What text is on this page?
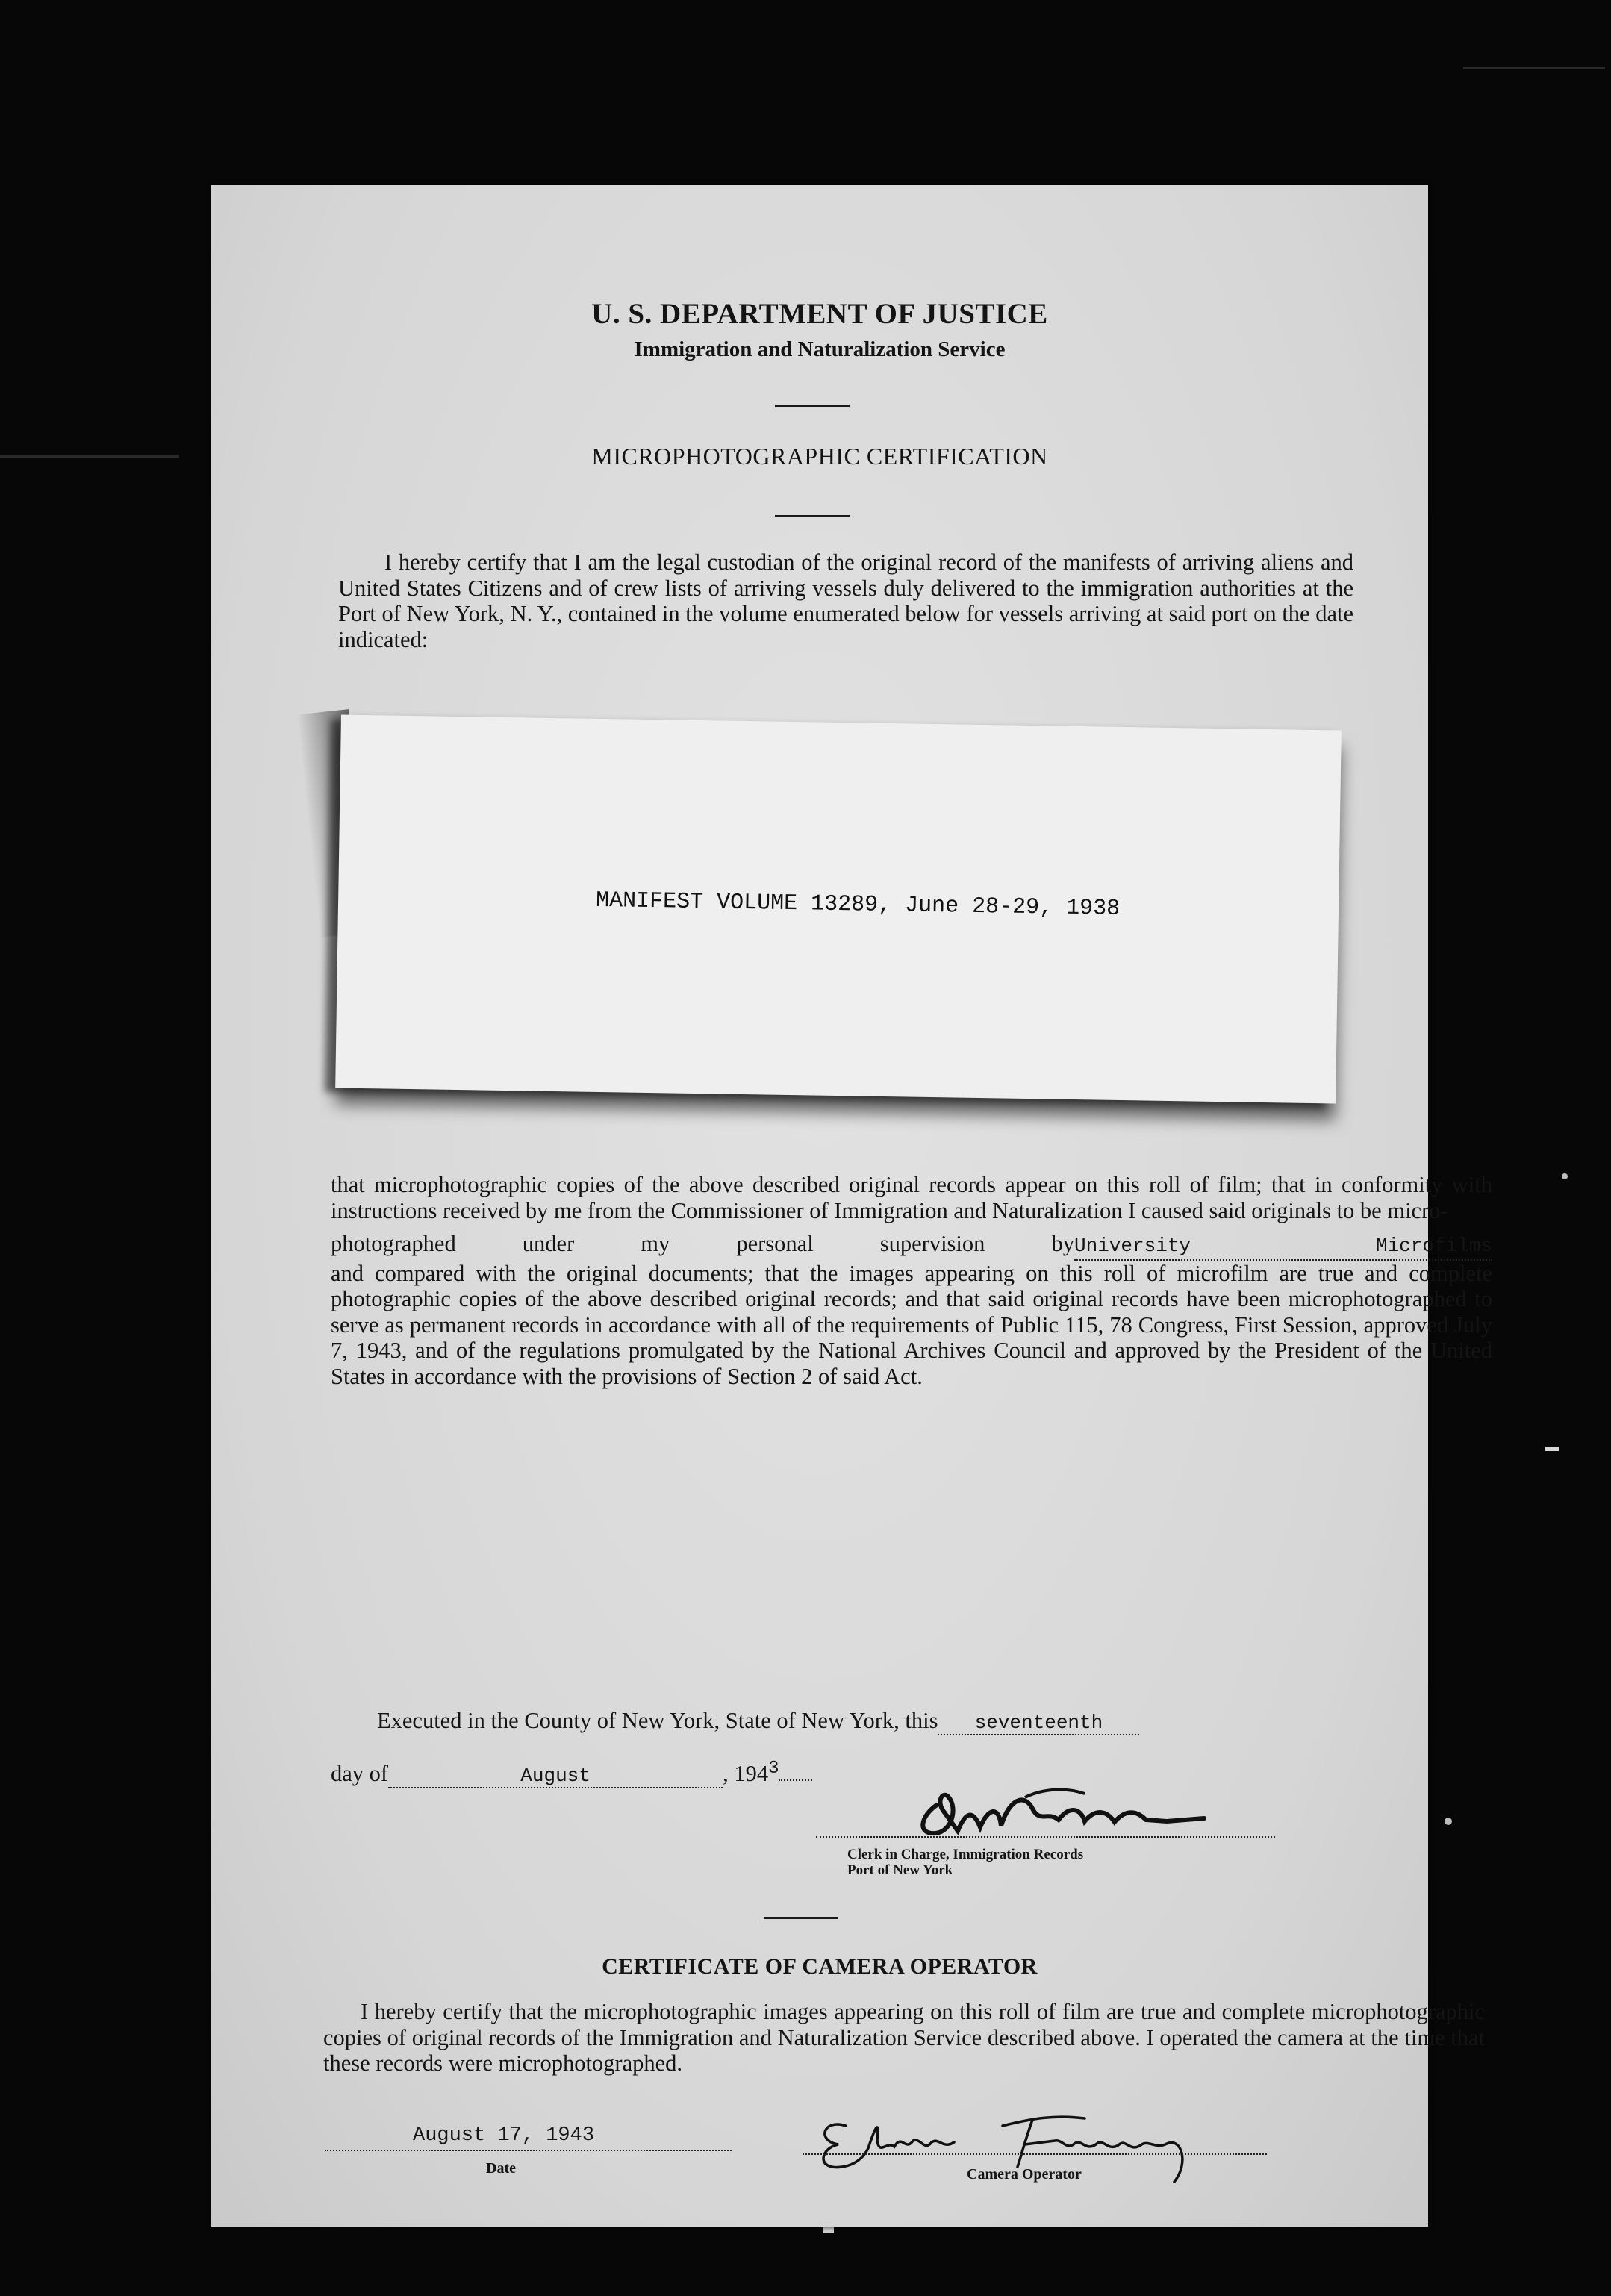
U. S. DEPARTMENT OF JUSTICE
Immigration and Naturalization Service
MICROPHOTOGRAPHIC CERTIFICATION
I hereby certify that I am the legal custodian of the original record of the manifests of arriving aliens and United States Citizens and of crew lists of arriving vessels duly delivered to the immigration authorities at the Port of New York, N. Y., contained in the volume enumerated below for vessels arriving at said port on the date indicated:
MANIFEST VOLUME 13289, June 28-29, 1938

that microphotographic copies of the above described original records appear on this roll of film; that in conformity with instructions received by me from the Commissioner of Immigration and Naturalization I caused said originals to be micro-

photographed under my personal supervision byUniversity Microfilms

and compared with the original documents; that the images appearing on this roll of microfilm are true and complete photographic copies of the above described original records; and that said original records have been microphotographed to serve as permanent records in accordance with all of the requirements of Public 115, 78 Congress, First Session, approved July 7, 1943, and of the regulations promulgated by the National Archives Council and approved by the President of the United States in accordance with the provisions of Section 2 of said Act.

Executed in the County of New York, State of New York, this seventeenth
day of	August	, $194^3$
Clerk in Charge, Immigration Records
Port of New York
CERTIFICATE OF CAMERA OPERATOR
I hereby certify that the microphotographic images appearing on this roll of film are true and complete microphotographic copies of original records of the Immigration and Naturalization Service described above. I operated the camera at the time that these records were microphotographed.
August 17, 1943
Date	Camera Operator
